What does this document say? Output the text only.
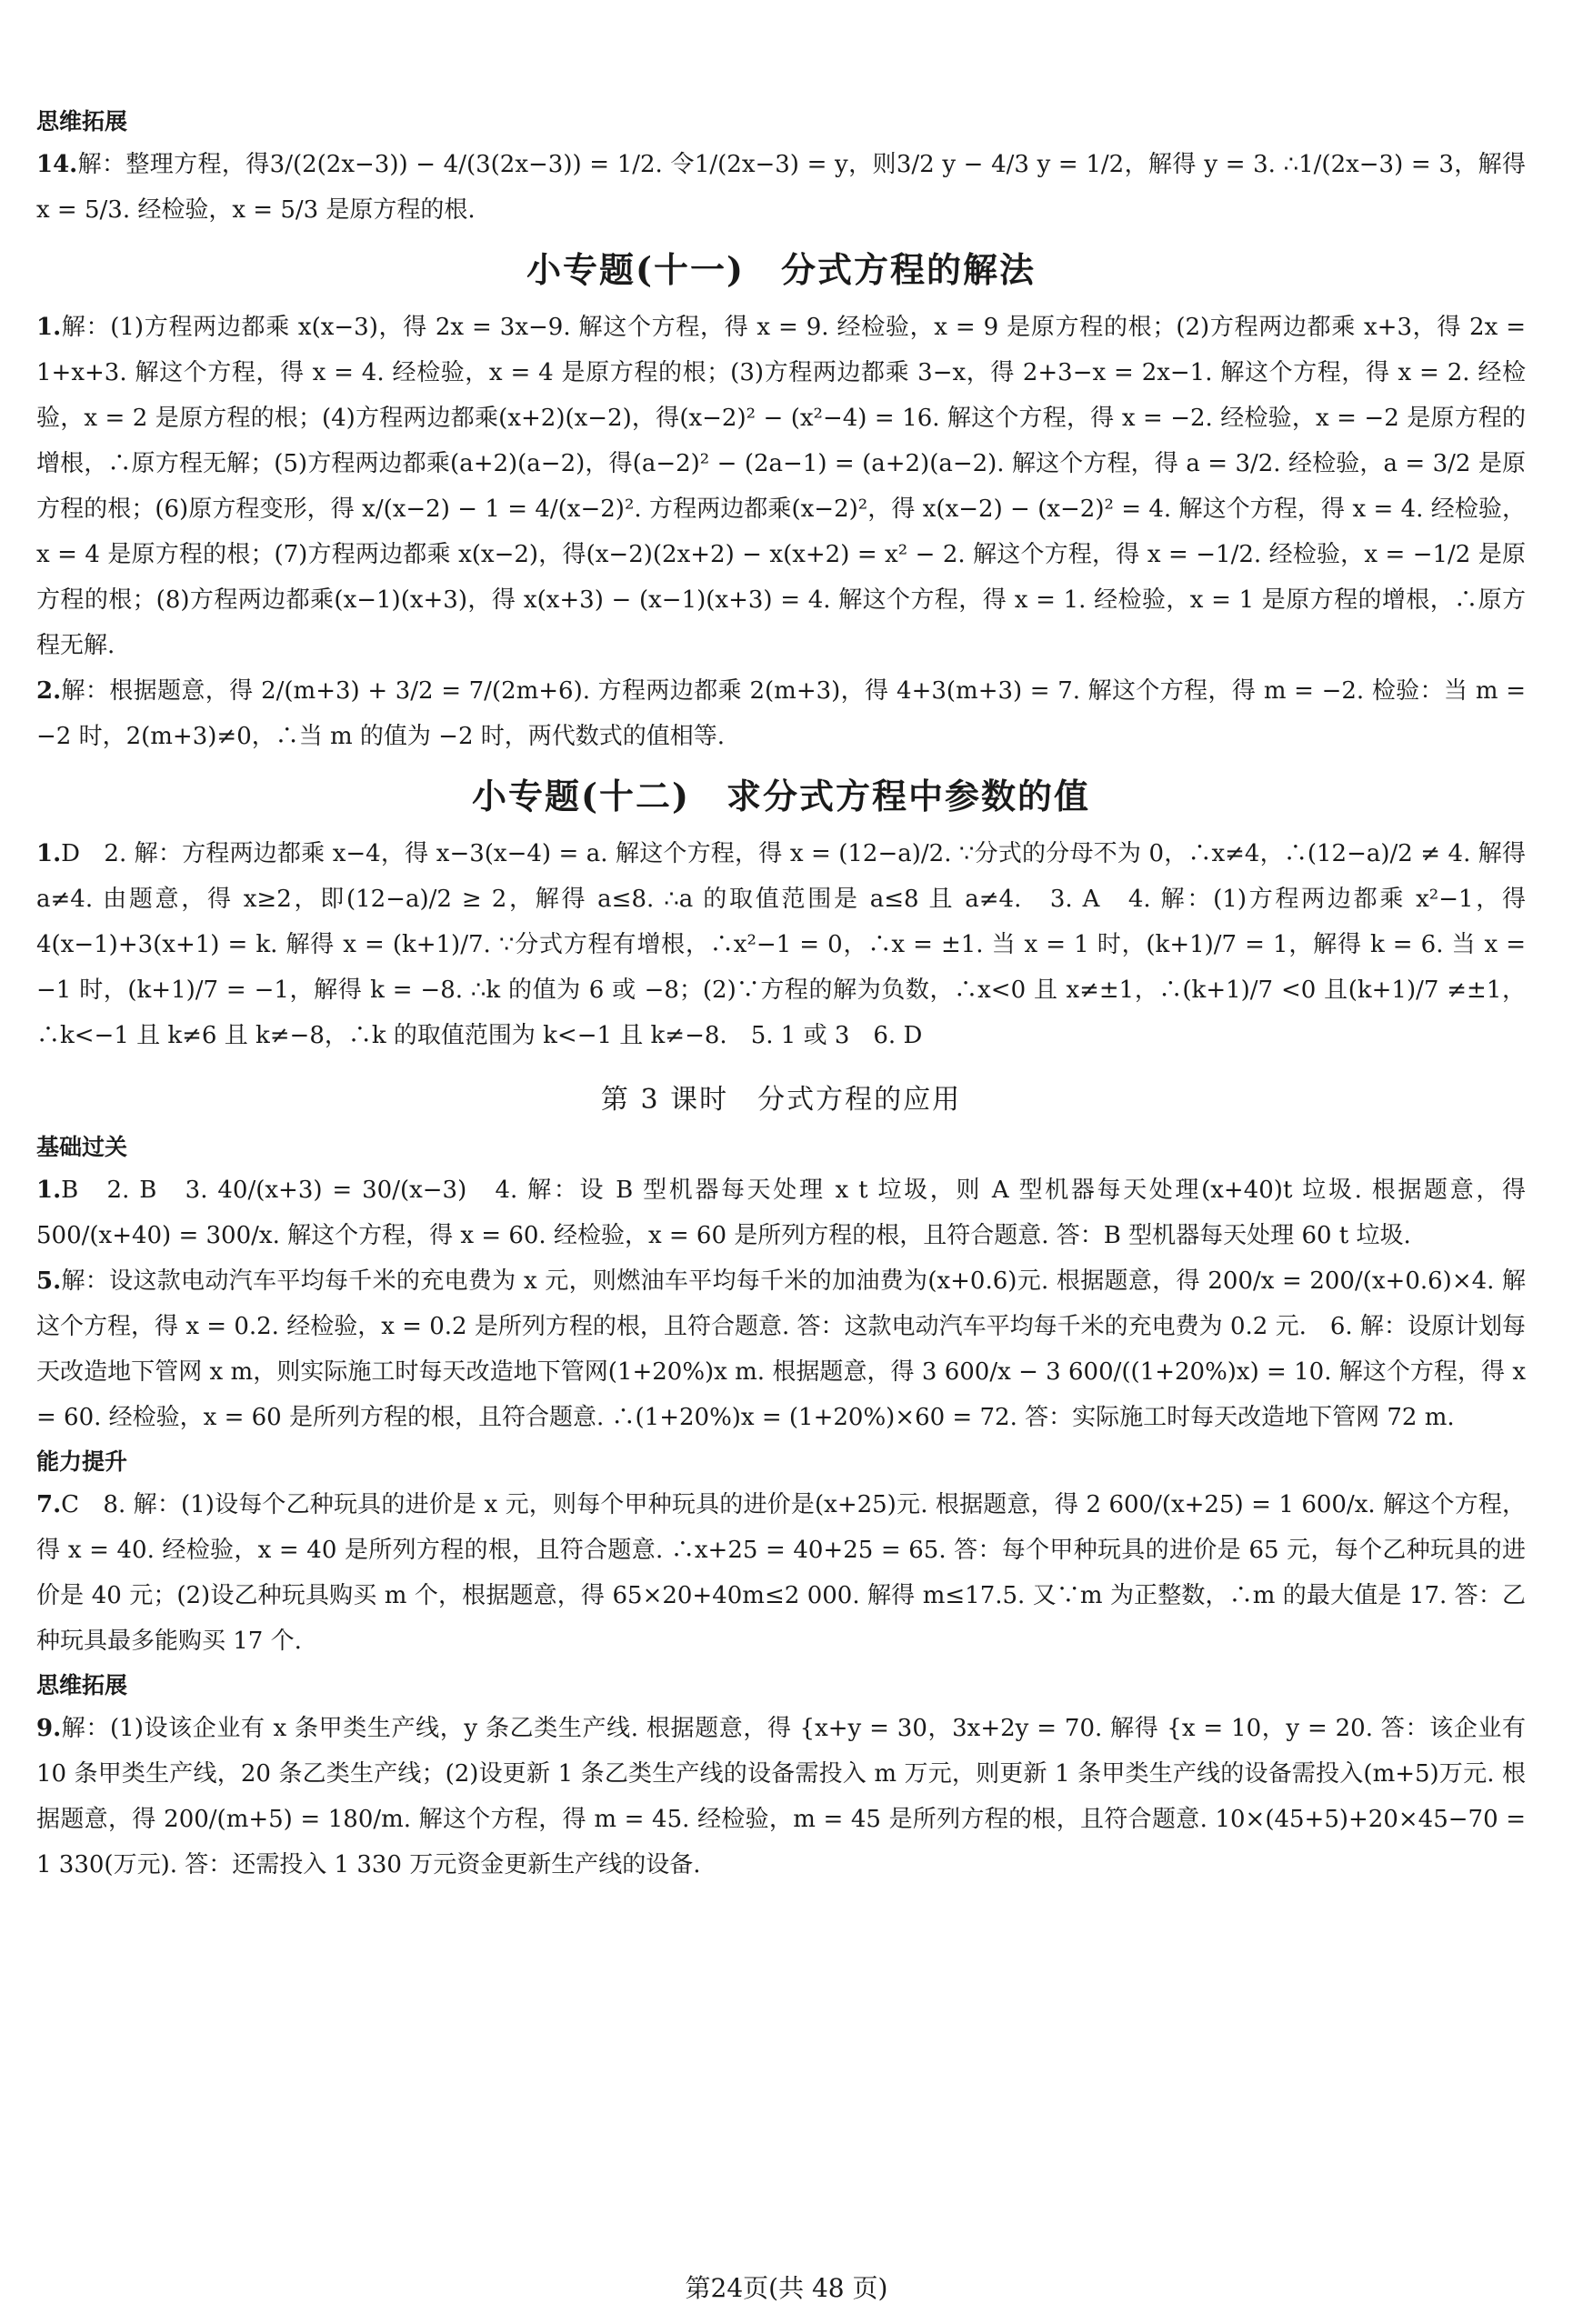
思维拓展

14.解：整理方程，得3/(2(2x−3)) − 4/(3(2x−3)) = 1/2. 令1/(2x−3) = y，则3/2 y − 4/3 y = 1/2，解得 y = 3. ∴1/(2x−3) = 3，解得 x = 5/3. 经检验，x = 5/3 是原方程的根.

小专题(十一)　分式方程的解法

1.解：(1)方程两边都乘 x(x−3)，得 2x = 3x−9. 解这个方程，得 x = 9. 经检验，x = 9 是原方程的根；(2)方程两边都乘 x+3，得 2x = 1+x+3. 解这个方程，得 x = 4. 经检验，x = 4 是原方程的根；(3)方程两边都乘 3−x，得 2+3−x = 2x−1. 解这个方程，得 x = 2. 经检验，x = 2 是原方程的根；(4)方程两边都乘(x+2)(x−2)，得(x−2)² − (x²−4) = 16. 解这个方程，得 x = −2. 经检验，x = −2 是原方程的增根，∴原方程无解；(5)方程两边都乘(a+2)(a−2)，得(a−2)² − (2a−1) = (a+2)(a−2). 解这个方程，得 a = 3/2. 经检验，a = 3/2 是原方程的根；(6)原方程变形，得 x/(x−2) − 1 = 4/(x−2)². 方程两边都乘(x−2)²，得 x(x−2) − (x−2)² = 4. 解这个方程，得 x = 4. 经检验，x = 4 是原方程的根；(7)方程两边都乘 x(x−2)，得(x−2)(2x+2) − x(x+2) = x² − 2. 解这个方程，得 x = −1/2. 经检验，x = −1/2 是原方程的根；(8)方程两边都乘(x−1)(x+3)，得 x(x+3) − (x−1)(x+3) = 4. 解这个方程，得 x = 1. 经检验，x = 1 是原方程的增根，∴原方程无解.

2.解：根据题意，得 2/(m+3) + 3/2 = 7/(2m+6). 方程两边都乘 2(m+3)，得 4+3(m+3) = 7. 解这个方程，得 m = −2. 检验：当 m = −2 时，2(m+3)≠0，∴当 m 的值为 −2 时，两代数式的值相等.

小专题(十二)　求分式方程中参数的值

1.D　2. 解：方程两边都乘 x−4，得 x−3(x−4) = a. 解这个方程，得 x = (12−a)/2. ∵分式的分母不为 0，∴x≠4，∴(12−a)/2 ≠ 4. 解得 a≠4. 由题意，得 x≥2，即(12−a)/2 ≥ 2，解得 a≤8. ∴a 的取值范围是 a≤8 且 a≠4.　3. A　4. 解：(1)方程两边都乘 x²−1，得 4(x−1)+3(x+1) = k. 解得 x = (k+1)/7. ∵分式方程有增根，∴x²−1 = 0，∴x = ±1. 当 x = 1 时，(k+1)/7 = 1，解得 k = 6. 当 x = −1 时，(k+1)/7 = −1，解得 k = −8. ∴k 的值为 6 或 −8；(2)∵方程的解为负数，∴x<0 且 x≠±1，∴(k+1)/7 <0 且(k+1)/7 ≠±1，∴k<−1 且 k≠6 且 k≠−8，∴k 的取值范围为 k<−1 且 k≠−8.　5. 1 或 3　6. D

第 3 课时　分式方程的应用
基础过关

1.B　2. B　3. 40/(x+3) = 30/(x−3)　4. 解：设 B 型机器每天处理 x t 垃圾，则 A 型机器每天处理(x+40)t 垃圾. 根据题意，得 500/(x+40) = 300/x. 解这个方程，得 x = 60. 经检验，x = 60 是所列方程的根，且符合题意. 答：B 型机器每天处理 60 t 垃圾.

5.解：设这款电动汽车平均每千米的充电费为 x 元，则燃油车平均每千米的加油费为(x+0.6)元. 根据题意，得 200/x = 200/(x+0.6)×4. 解这个方程，得 x = 0.2. 经检验，x = 0.2 是所列方程的根，且符合题意. 答：这款电动汽车平均每千米的充电费为 0.2 元.　6. 解：设原计划每天改造地下管网 x m，则实际施工时每天改造地下管网(1+20%)x m. 根据题意，得 3 600/x − 3 600/((1+20%)x) = 10. 解这个方程，得 x = 60. 经检验，x = 60 是所列方程的根，且符合题意. ∴(1+20%)x = (1+20%)×60 = 72. 答：实际施工时每天改造地下管网 72 m.

能力提升

7.C　8. 解：(1)设每个乙种玩具的进价是 x 元，则每个甲种玩具的进价是(x+25)元. 根据题意，得 2 600/(x+25) = 1 600/x. 解这个方程，得 x = 40. 经检验，x = 40 是所列方程的根，且符合题意. ∴x+25 = 40+25 = 65. 答：每个甲种玩具的进价是 65 元，每个乙种玩具的进价是 40 元；(2)设乙种玩具购买 m 个，根据题意，得 65×20+40m≤2 000. 解得 m≤17.5. 又∵m 为正整数，∴m 的最大值是 17. 答：乙种玩具最多能购买 17 个.

思维拓展

9.解：(1)设该企业有 x 条甲类生产线，y 条乙类生产线. 根据题意，得 {x+y = 30，3x+2y = 70. 解得 {x = 10，y = 20. 答：该企业有 10 条甲类生产线，20 条乙类生产线；(2)设更新 1 条乙类生产线的设备需投入 m 万元，则更新 1 条甲类生产线的设备需投入(m+5)万元. 根据题意，得 200/(m+5) = 180/m. 解这个方程，得 m = 45. 经检验，m = 45 是所列方程的根，且符合题意. 10×(45+5)+20×45−70 = 1 330(万元). 答：还需投入 1 330 万元资金更新生产线的设备.

第24页(共 48 页)
